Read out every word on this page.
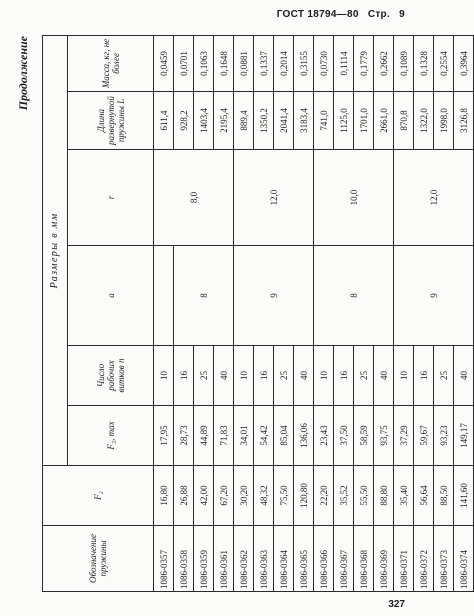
ГОСТ 18794—80 Стр. 9
Продолжение
Обозначение пружины	F₂	Размеры в мм					
		F₃, max	Число рабочих витков n	a	r	Длина развернутой пружины L	Масса, кг, не более
1086-0357	16,80	17,95	10		8,0	611,4	0,0459
1086-0358	26,88	28,73	16	8		928,2	0,0701
1086-0359	42,00	44,89	25			1403,4	0,1063
1086-0361	67,20	71,83	40			2195,4	0,1648
1086-0362	30,20	34,01	10	9	12,0	889,4	0,0881
1086-0363	48,32	54,42	16			1350,2	0,1337
1086-0364	75,50	85,04	25			2041,4	0,2014
1086-0365	120,80	136,06	40			3183,4	0,3155
1086-0366	22,20	23,43	10	8	10,0	741,0	0,0730
1086-0367	35,52	37,50	16			1125,0	0,1114
1086-0368	55,50	58,59	25			1701,0	0,1779
1086-0369	88,80	93,75	40			2661,0	0,2662
1086-0371	35,40	37,29	10	9	12,0	870,8	0,1089
1086-0372	56,64	59,67	16			1322,0	0,1328
1086-0373	88,50	93,23	25			1998,0	0,2554
1086-0374	141,60	149,17	40			3126,8	0,3964
327
